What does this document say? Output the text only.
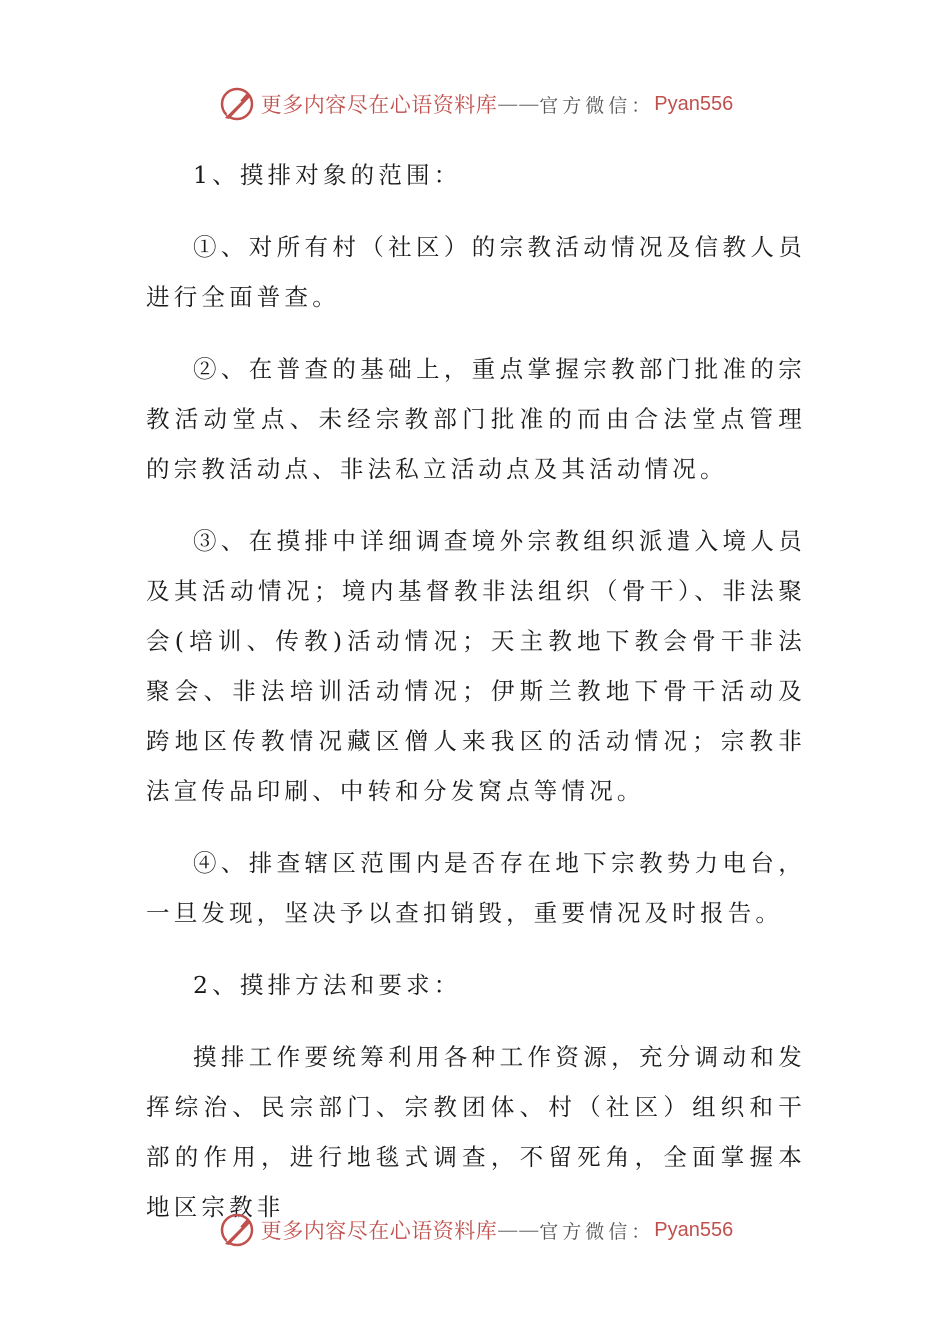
更多内容尽在心语资料库 —— 官方微信： Pyan556

1、摸排对象的范围：

①、对所有村（社区）的宗教活动情况及信教人员进行全面普查。

②、在普查的基础上，重点掌握宗教部门批准的宗教活动堂点、未经宗教部门批准的而由合法堂点管理的宗教活动点、非法私立活动点及其活动情况。

③、在摸排中详细调查境外宗教组织派遣入境人员及其活动情况；境内基督教非法组织（骨干）、非法聚会(培训、传教)活动情况；天主教地下教会骨干非法聚会、非法培训活动情况；伊斯兰教地下骨干活动及跨地区传教情况藏区僧人来我区的活动情况；宗教非法宣传品印刷、中转和分发窝点等情况。

④、排查辖区范围内是否存在地下宗教势力电台，一旦发现，坚决予以查扣销毁，重要情况及时报告。

2、摸排方法和要求：

摸排工作要统筹利用各种工作资源，充分调动和发挥综治、民宗部门、宗教团体、村（社区）组织和干部的作用，进行地毯式调查，不留死角，全面掌握本地区宗教非

更多内容尽在心语资料库 —— 官方微信： Pyan556
